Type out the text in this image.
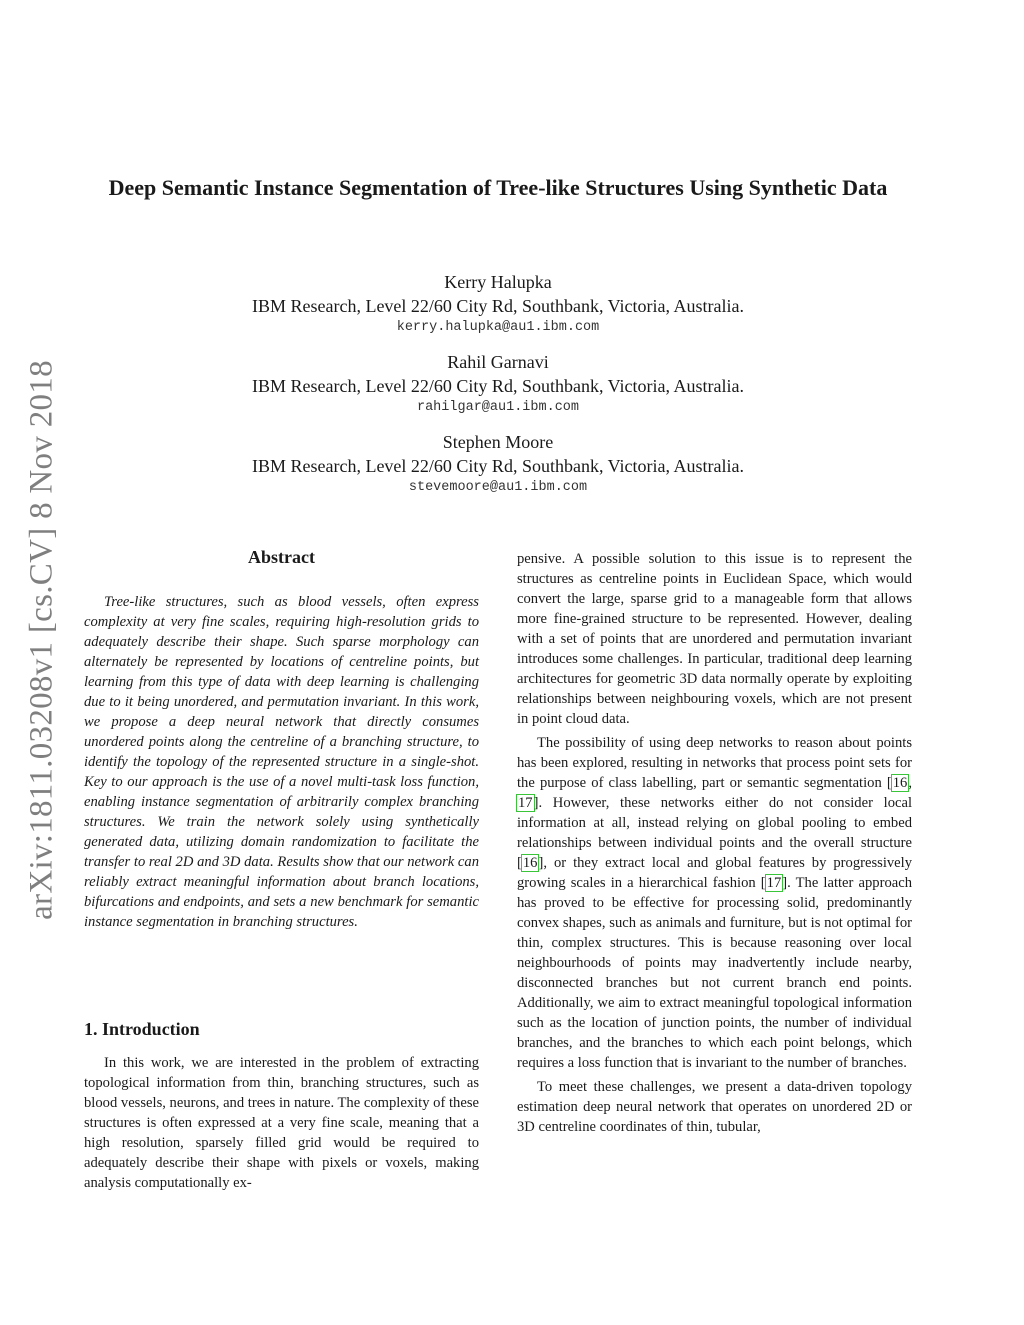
arXiv:1811.03208v1 [cs.CV] 8 Nov 2018
Deep Semantic Instance Segmentation of Tree-like Structures Using Synthetic Data
Kerry Halupka
IBM Research, Level 22/60 City Rd, Southbank, Victoria, Australia.
kerry.halupka@au1.ibm.com
Rahil Garnavi
IBM Research, Level 22/60 City Rd, Southbank, Victoria, Australia.
rahilgar@au1.ibm.com
Stephen Moore
IBM Research, Level 22/60 City Rd, Southbank, Victoria, Australia.
stevemoore@au1.ibm.com
Abstract

Tree-like structures, such as blood vessels, often express complexity at very fine scales, requiring high-resolution grids to adequately describe their shape. Such sparse morphology can alternately be represented by locations of centreline points, but learning from this type of data with deep learning is challenging due to it being unordered, and permutation invariant. In this work, we propose a deep neural network that directly consumes unordered points along the centreline of a branching structure, to identify the topology of the represented structure in a single-shot. Key to our approach is the use of a novel multi-task loss function, enabling instance segmentation of arbitrarily complex branching structures. We train the network solely using synthetically generated data, utilizing domain randomization to facilitate the transfer to real 2D and 3D data. Results show that our network can reliably extract meaningful information about branch locations, bifurcations and endpoints, and sets a new benchmark for semantic instance segmentation in branching structures.

1. Introduction

In this work, we are interested in the problem of extracting topological information from thin, branching structures, such as blood vessels, neurons, and trees in nature. The complexity of these structures is often expressed at a very fine scale, meaning that a high resolution, sparsely filled grid would be required to adequately describe their shape with pixels or voxels, making analysis computationally ex-

pensive. A possible solution to this issue is to represent the structures as centreline points in Euclidean Space, which would convert the large, sparse grid to a manageable form that allows more fine-grained structure to be represented. However, dealing with a set of points that are unordered and permutation invariant introduces some challenges. In particular, traditional deep learning architectures for geometric 3D data normally operate by exploiting relationships between neighbouring voxels, which are not present in point cloud data.

The possibility of using deep networks to reason about points has been explored, resulting in networks that process point sets for the purpose of class labelling, part or semantic segmentation [16, 17]. However, these networks either do not consider local information at all, instead relying on global pooling to embed relationships between individual points and the overall structure [16], or they extract local and global features by progressively growing scales in a hierarchical fashion [17]. The latter approach has proved to be effective for processing solid, predominantly convex shapes, such as animals and furniture, but is not optimal for thin, complex structures. This is because reasoning over local neighbourhoods of points may inadvertently include nearby, disconnected branches but not current branch end points. Additionally, we aim to extract meaningful topological information such as the location of junction points, the number of individual branches, and the branches to which each point belongs, which requires a loss function that is invariant to the number of branches.

To meet these challenges, we present a data-driven topology estimation deep neural network that operates on unordered 2D or 3D centreline coordinates of thin, tubular,
